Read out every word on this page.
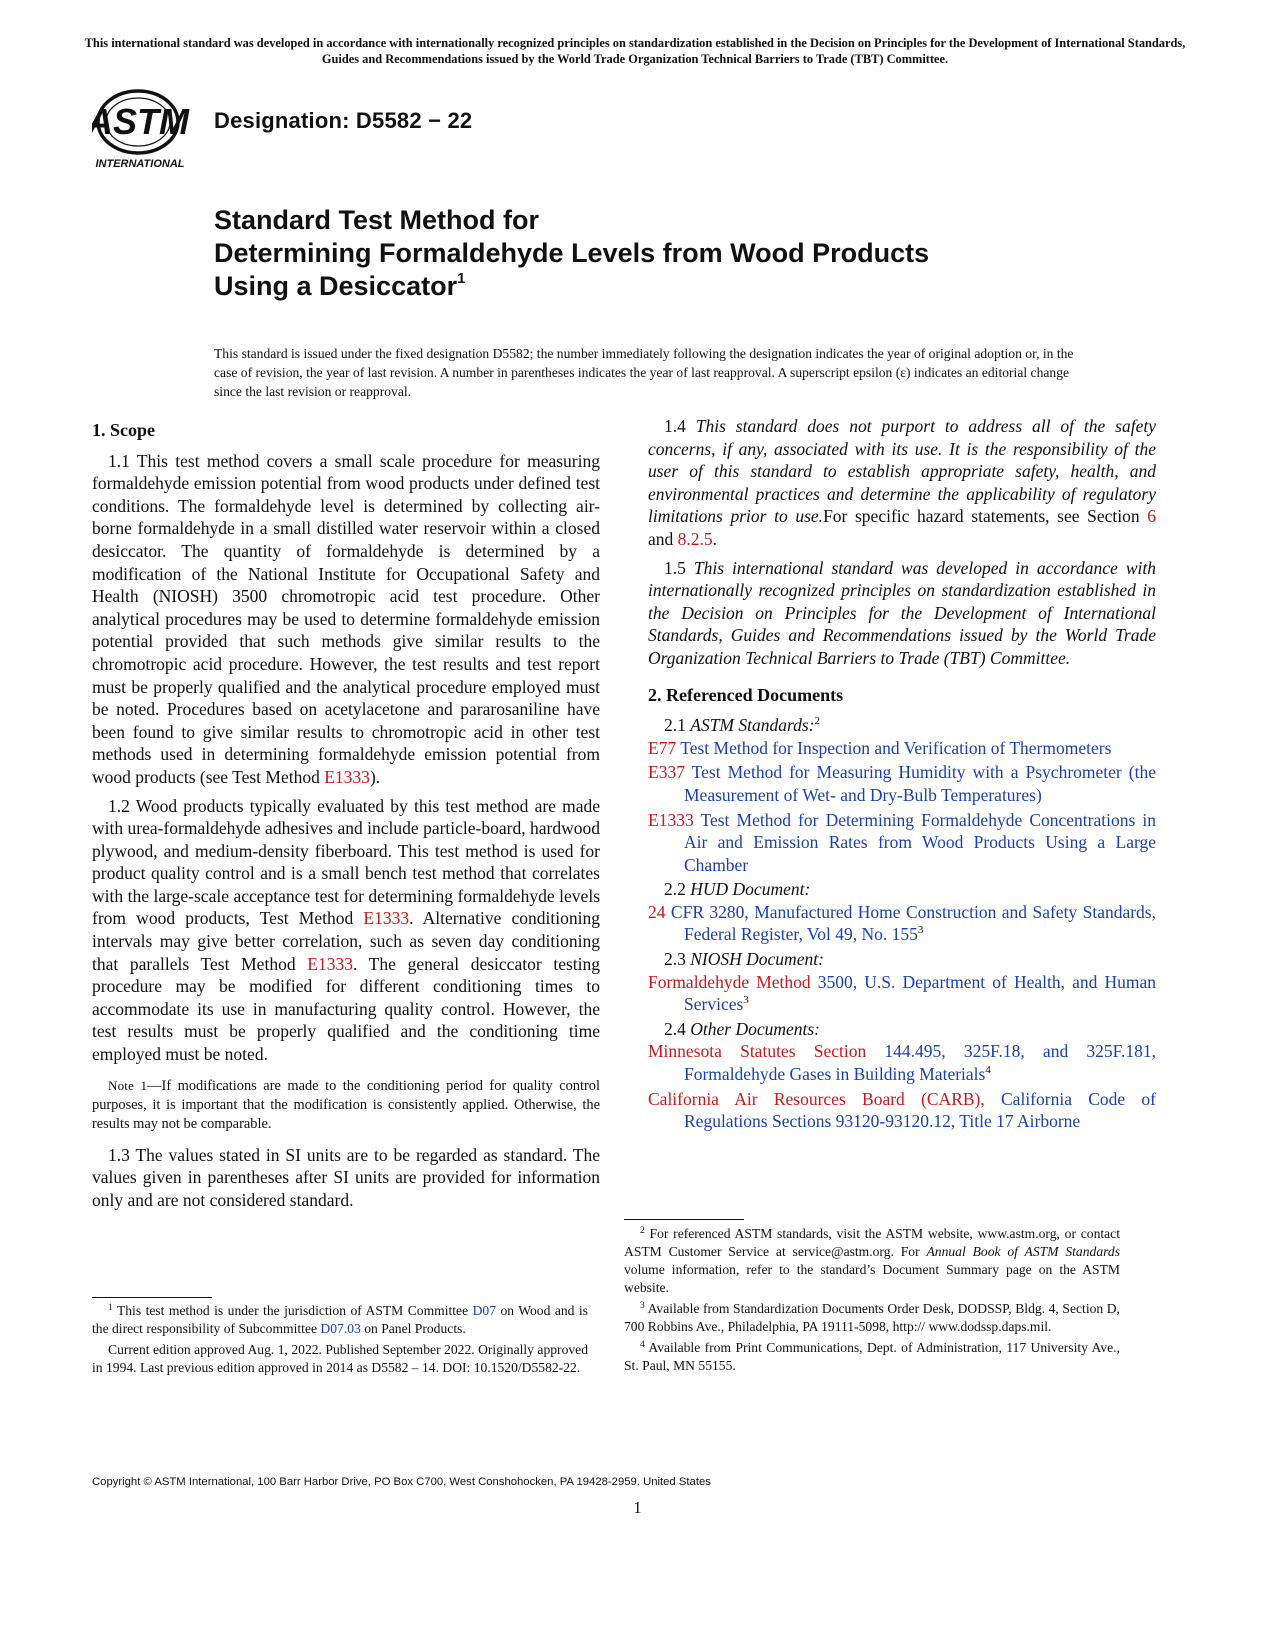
This international standard was developed in accordance with internationally recognized principles on standardization established in the Decision on Principles for the Development of International Standards, Guides and Recommendations issued by the World Trade Organization Technical Barriers to Trade (TBT) Committee.
ASTM
INTERNATIONAL
Designation: D5582 − 22
Standard Test Method for
Determining Formaldehyde Levels from Wood Products
Using a Desiccator$^1$
This standard is issued under the fixed designation D5582; the number immediately following the designation indicates the year of original adoption or, in the case of revision, the year of last revision. A number in parentheses indicates the year of last reapproval. A superscript epsilon (ε) indicates an editorial change since the last revision or reapproval.
1. Scope

1.1 This test method covers a small scale procedure for measuring formaldehyde emission potential from wood products under defined test conditions. The formaldehyde level is determined by collecting air-borne formaldehyde in a small distilled water reservoir within a closed desiccator. The quantity of formaldehyde is determined by a modification of the National Institute for Occupational Safety and Health (NIOSH) 3500 chromotropic acid test procedure. Other analytical procedures may be used to determine formaldehyde emission potential provided that such methods give similar results to the chromotropic acid procedure. However, the test results and test report must be properly qualified and the analytical procedure employed must be noted. Procedures based on acetylacetone and pararosaniline have been found to give similar results to chromotropic acid in other test methods used in determining formaldehyde emission potential from wood products (see Test Method E1333).

1.2 Wood products typically evaluated by this test method are made with urea-formaldehyde adhesives and include particle-board, hardwood plywood, and medium-density fiberboard. This test method is used for product quality control and is a small bench test method that correlates with the large-scale acceptance test for determining formaldehyde levels from wood products, Test Method E1333. Alternative conditioning intervals may give better correlation, such as seven day conditioning that parallels Test Method E1333. The general desiccator testing procedure may be modified for different conditioning times to accommodate its use in manufacturing quality control. However, the test results must be properly qualified and the conditioning time employed must be noted.

Note 1—If modifications are made to the conditioning period for quality control purposes, it is important that the modification is consistently applied. Otherwise, the results may not be comparable.

1.3 The values stated in SI units are to be regarded as standard. The values given in parentheses after SI units are provided for information only and are not considered standard.

1.4 This standard does not purport to address all of the safety concerns, if any, associated with its use. It is the responsibility of the user of this standard to establish appropriate safety, health, and environmental practices and determine the applicability of regulatory limitations prior to use.For specific hazard statements, see Section 6 and 8.2.5.

1.5 This international standard was developed in accordance with internationally recognized principles on standardization established in the Decision on Principles for the Development of International Standards, Guides and Recommendations issued by the World Trade Organization Technical Barriers to Trade (TBT) Committee.

2. Referenced Documents
2.1 ASTM Standards:$^2$
E77 Test Method for Inspection and Verification of Thermometers
E337 Test Method for Measuring Humidity with a Psychrometer (the Measurement of Wet- and Dry-Bulb Temperatures)
E1333 Test Method for Determining Formaldehyde Concentrations in Air and Emission Rates from Wood Products Using a Large Chamber
2.2 HUD Document:
24 CFR 3280, Manufactured Home Construction and Safety Standards, Federal Register, Vol 49, No. $155^3$
2.3 NIOSH Document:
Formaldehyde Method 3500, U.S. Department of Health, and Human Services$^3$
2.4 Other Documents:
Minnesota Statutes Section 144.495, 325F.18, and 325F.181, Formaldehyde Gases in Building Materials$^4$
California Air Resources Board (CARB), California Code of Regulations Sections 93120-93120.12, Title 17 Airborne

$^1$ This test method is under the jurisdiction of ASTM Committee D07 on Wood and is the direct responsibility of Subcommittee D07.03 on Panel Products.

Current edition approved Aug. 1, 2022. Published September 2022. Originally approved in 1994. Last previous edition approved in 2014 as D5582 – 14. DOI: 10.1520/D5582-22.

$^2$ For referenced ASTM standards, visit the ASTM website, www.astm.org, or contact ASTM Customer Service at service@astm.org. For Annual Book of ASTM Standards volume information, refer to the standard’s Document Summary page on the ASTM website.

$^3$ Available from Standardization Documents Order Desk, DODSSP, Bldg. 4, Section D, 700 Robbins Ave., Philadelphia, PA 19111-5098, http:// www.dodssp.daps.mil.

$^4$ Available from Print Communications, Dept. of Administration, 117 University Ave., St. Paul, MN 55155.

Copyright © ASTM International, 100 Barr Harbor Drive, PO Box C700, West Conshohocken, PA 19428-2959. United States
1
